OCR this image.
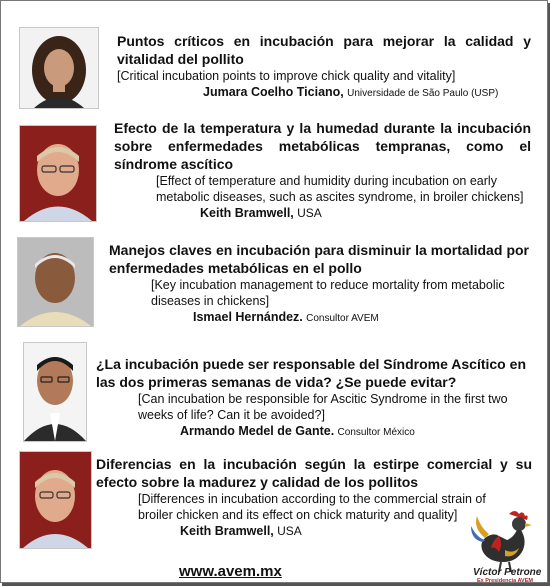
Puntos críticos en incubación para mejorar la calidad y vitalidad del pollito

[Critical incubation points to improve chick quality and vitality]

Jumara Coelho Ticiano, Universidade de São Paulo (USP)

Efecto de la temperatura y la humedad durante la incubación sobre enfermedades metabólicas tempranas, como el síndrome ascítico

[Effect of temperature and humidity during incubation on early metabolic diseases, such as ascites syndrome, in broiler chickens]

Keith Bramwell, USA

Manejos claves en incubación para disminuir la mortalidad por enfermedades metabólicas en el pollo

[Key incubation management to reduce mortality from metabolic diseases in chickens]

Ismael Hernández. Consultor AVEM

¿La incubación puede ser responsable del Síndrome Ascítico en las dos primeras semanas de vida? ¿Se puede evitar?

[Can incubation be responsible for Ascitic Syndrome in the first two weeks of life? Can it be avoided?]

Armando Medel de Gante. Consultor México

Diferencias en la incubación según la estirpe comercial y su efecto sobre la madurez y calidad de los pollitos

[Differences in incubation according to the commercial strain of broiler chicken and its effect on chick maturity and quality]

Keith Bramwell, USA

www.avem.mx	Víctor Petrone
Ex Presidencia AVEM
